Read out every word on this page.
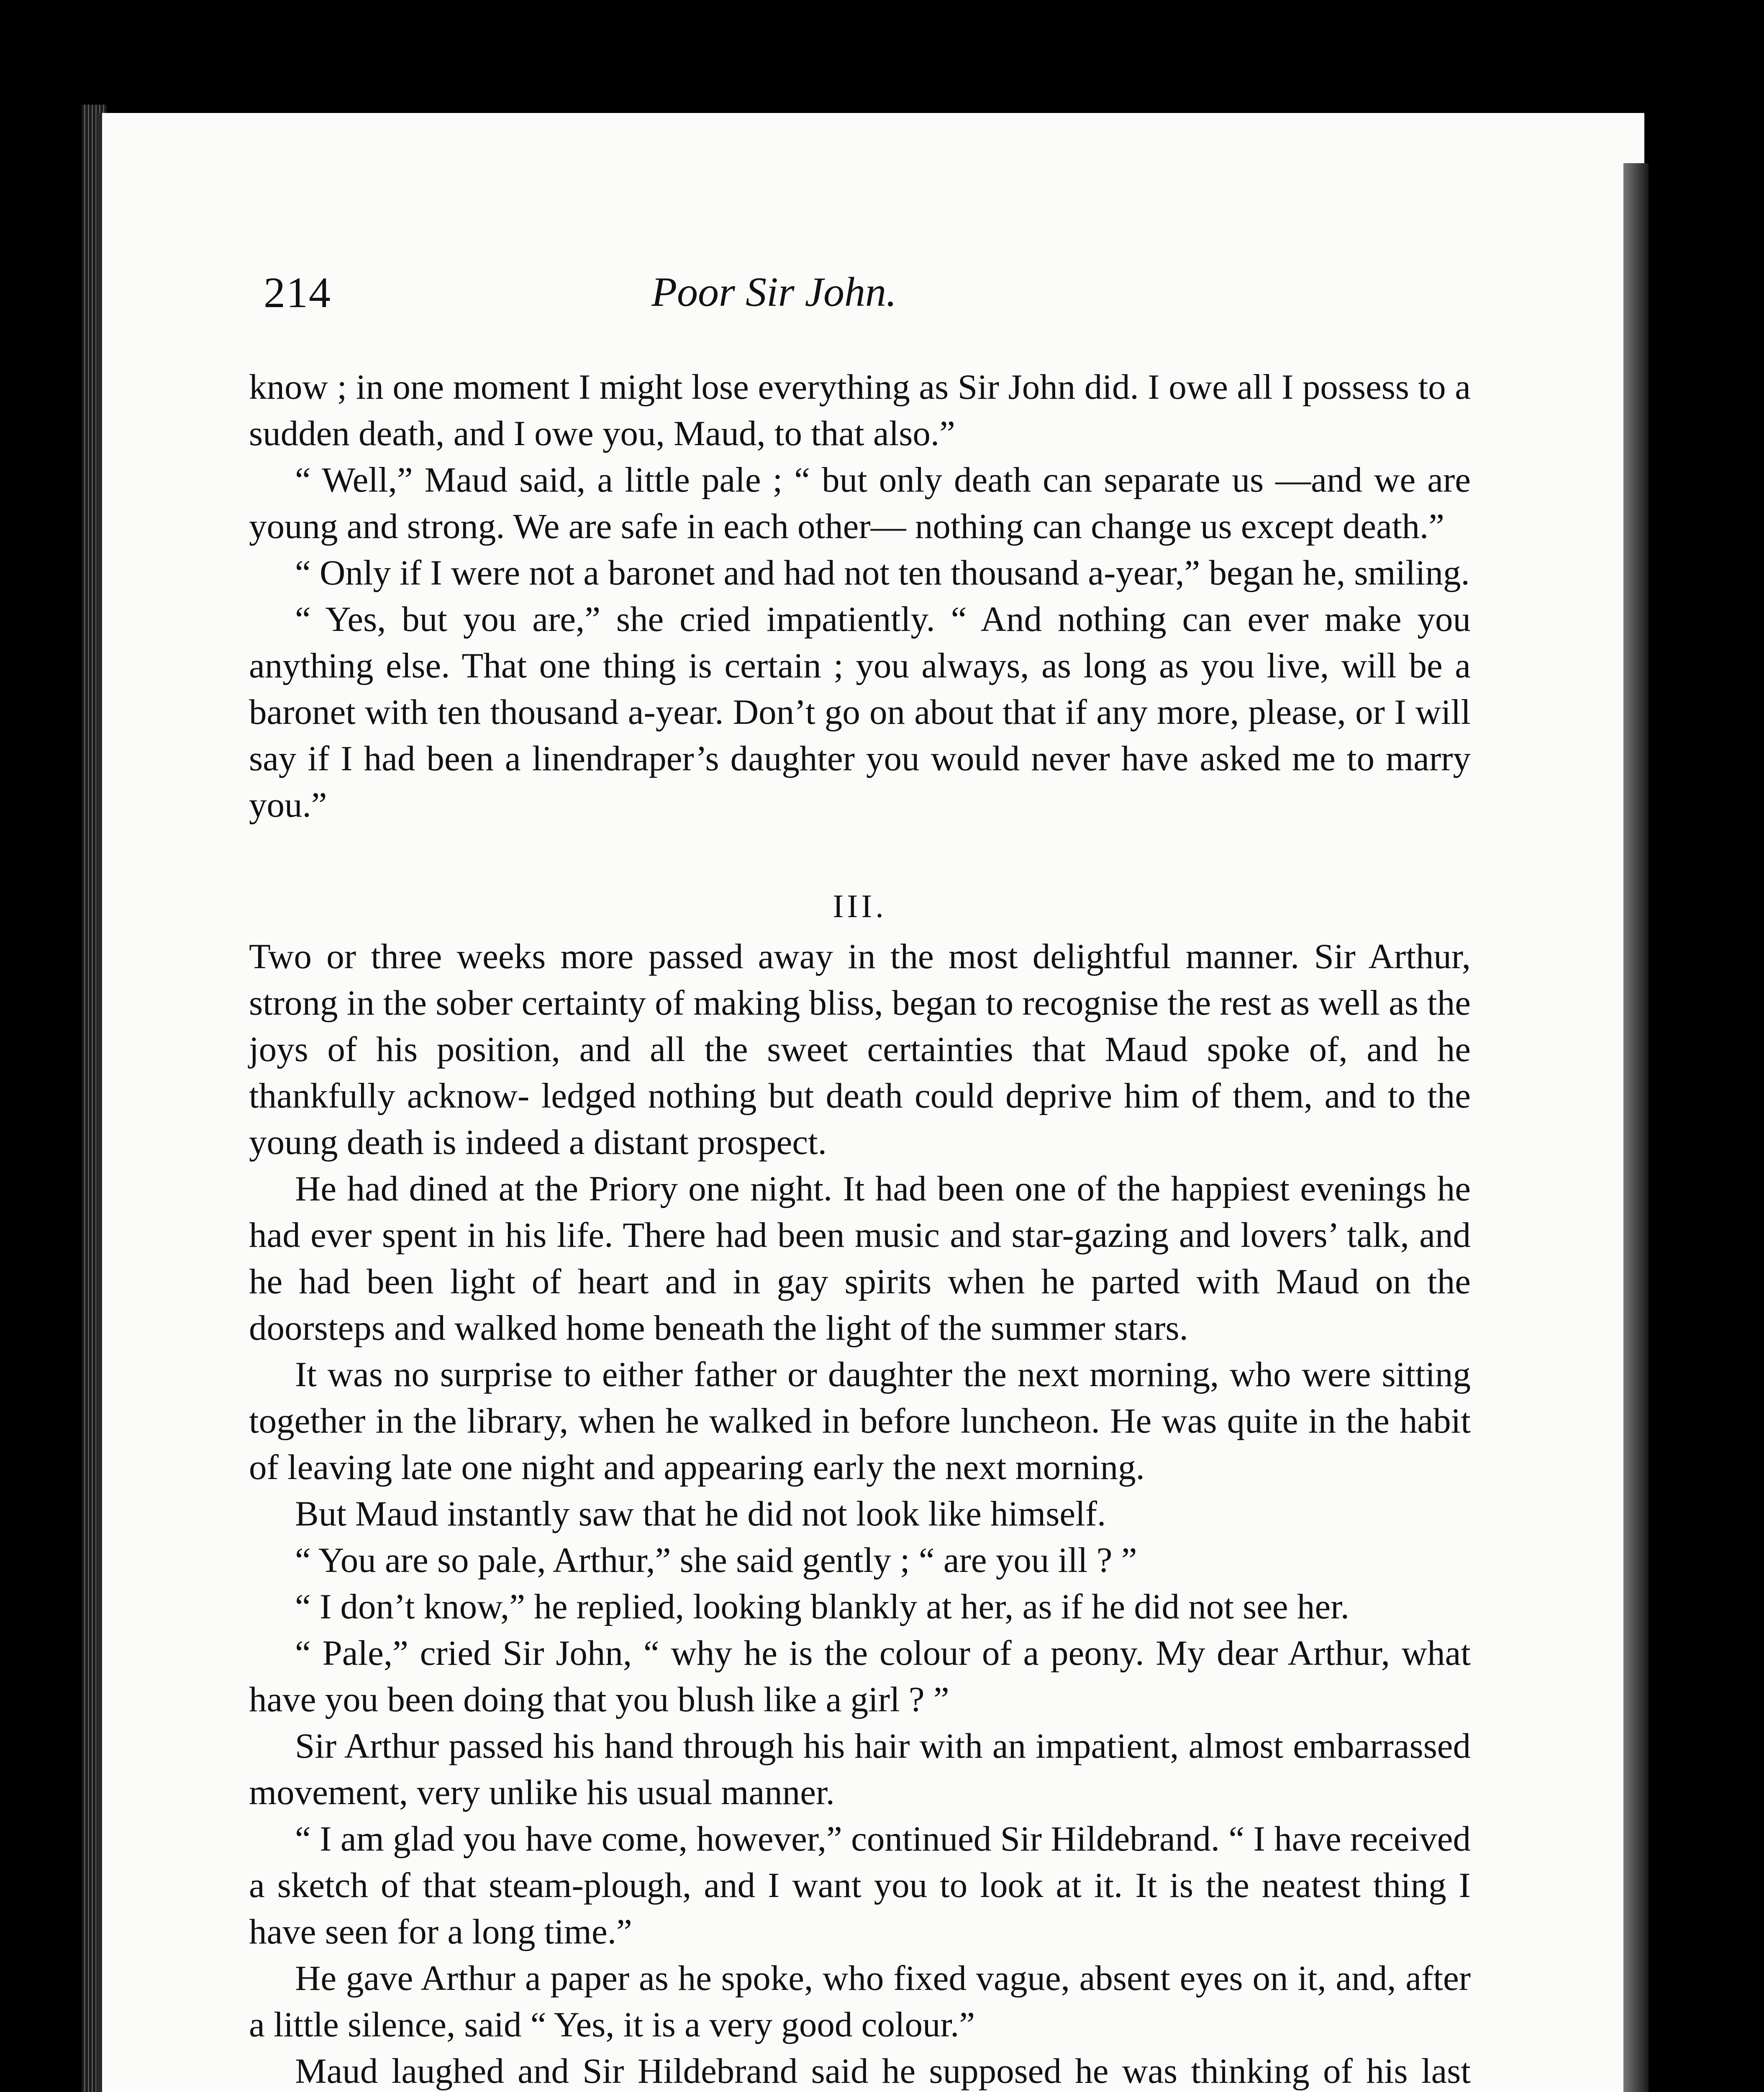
214	Poor Sir John.

know ; in one moment I might lose everything as Sir John did. I owe all I possess to a sudden death, and I owe you, Maud, to that also.”

“ Well,” Maud said, a little pale ; “ but only death can separate us —and we are young and strong. We are safe in each other— nothing can change us except death.”

“ Only if I were not a baronet and had not ten thousand a-year,” began he, smiling.

“ Yes, but you are,” she cried impatiently. “ And nothing can ever make you anything else. That one thing is certain ; you always, as long as you live, will be a baronet with ten thousand a-year. Don’t go on about that if any more, please, or I will say if I had been a linendraper’s daughter you would never have asked me to marry you.”

III.

Two or three weeks more passed away in the most delightful manner. Sir Arthur, strong in the sober certainty of making bliss, began to recognise the rest as well as the joys of his position, and all the sweet certainties that Maud spoke of, and he thankfully acknow- ledged nothing but death could deprive him of them, and to the young death is indeed a distant prospect.

He had dined at the Priory one night. It had been one of the happiest evenings he had ever spent in his life. There had been music and star-gazing and lovers’ talk, and he had been light of heart and in gay spirits when he parted with Maud on the doorsteps and walked home beneath the light of the summer stars.

It was no surprise to either father or daughter the next morning, who were sitting together in the library, when he walked in before luncheon. He was quite in the habit of leaving late one night and appearing early the next morning.

But Maud instantly saw that he did not look like himself.

“ You are so pale, Arthur,” she said gently ; “ are you ill ? ”

“ I don’t know,” he replied, looking blankly at her, as if he did not see her.

“ Pale,” cried Sir John, “ why he is the colour of a peony. My dear Arthur, what have you been doing that you blush like a girl ? ”

Sir Arthur passed his hand through his hair with an impatient, almost embarrassed movement, very unlike his usual manner.

“ I am glad you have come, however,” continued Sir Hildebrand. “ I have received a sketch of that steam-plough, and I want you to look at it. It is the neatest thing I have seen for a long time.”

He gave Arthur a paper as he spoke, who fixed vague, absent eyes on it, and, after a little silence, said “ Yes, it is a very good colour.”

Maud laughed and Sir Hildebrand said he supposed he was thinking of his last
